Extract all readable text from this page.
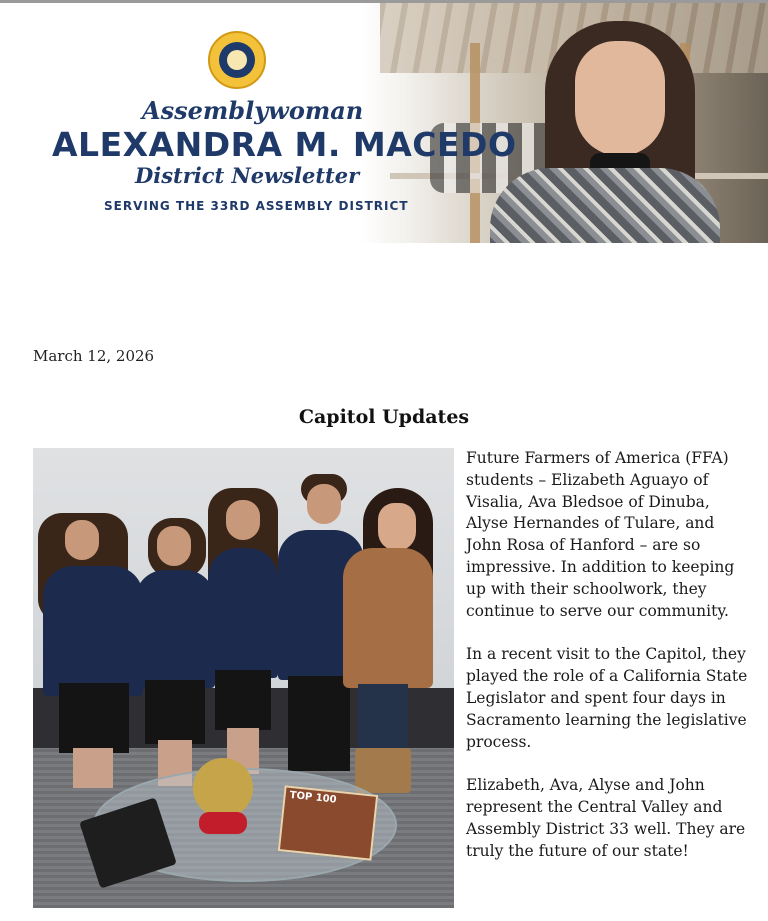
Assemblywoman

ALEXANDRA M. MACEDO

District Newsletter

SERVING THE 33RD ASSEMBLY DISTRICT

March 12, 2026

Capitol Updates
TOP 100

Future Farmers of America (FFA) students – Elizabeth Aguayo of Visalia, Ava Bledsoe of Dinuba, Alyse Hernandes of Tulare, and John Rosa of Hanford – are so impressive. In addition to keeping up with their schoolwork, they continue to serve our community.

In a recent visit to the Capitol, they played the role of a California State Legislator and spent four days in Sacramento learning the legislative process.

Elizabeth, Ava, Alyse and John represent the Central Valley and Assembly District 33 well. They are truly the future of our state!
